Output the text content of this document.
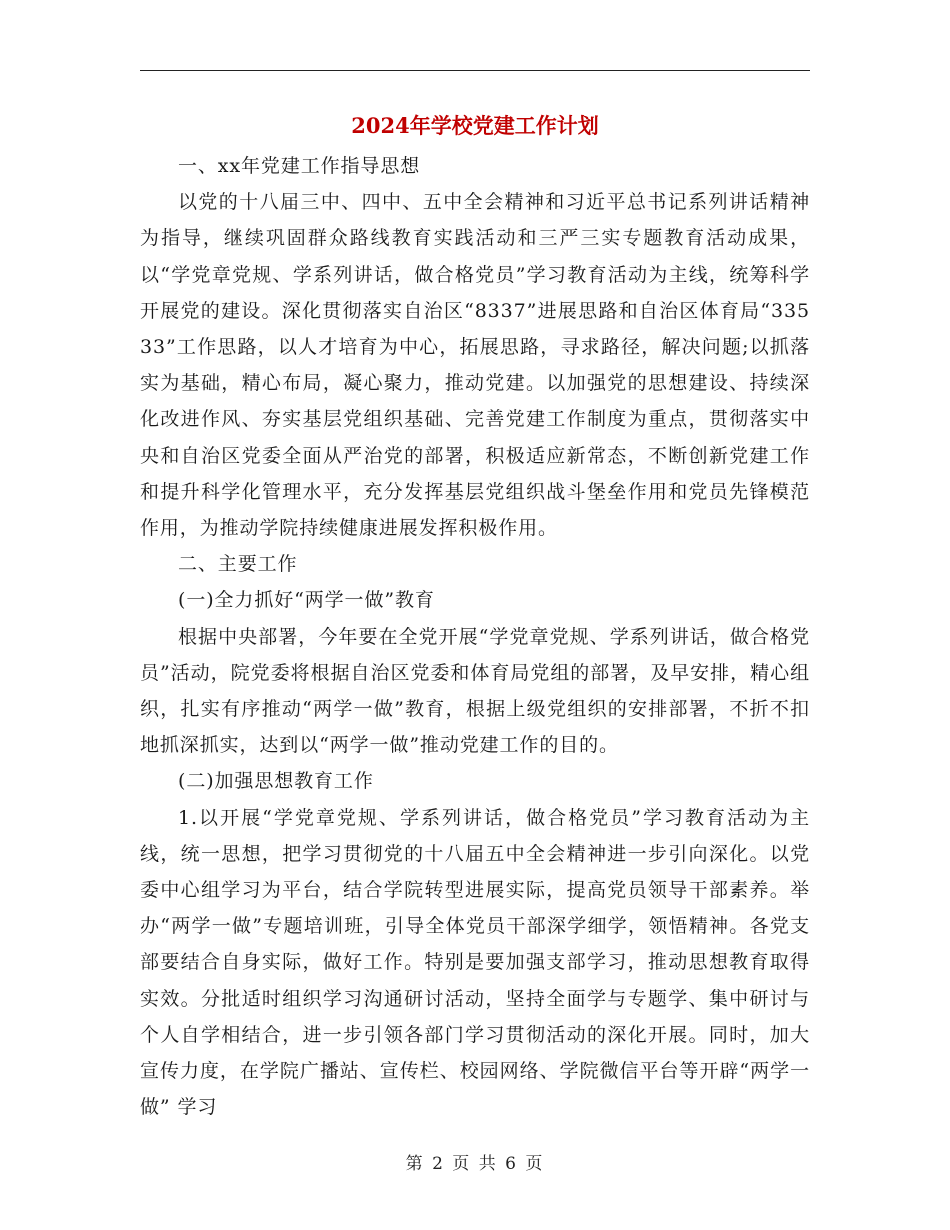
2024年学校党建工作计划

一、xx年党建工作指导思想

以党的十八届三中、四中、五中全会精神和习近平总书记系列讲话精神为指导，继续巩固群众路线教育实践活动和三严三实专题教育活动成果，以“学党章党规、学系列讲话，做合格党员”学习教育活动为主线，统筹科学开展党的建设。深化贯彻落实自治区“8337”进展思路和自治区体育局“33533”工作思路，以人才培育为中心，拓展思路，寻求路径，解决问题;以抓落实为基础，精心布局，凝心聚力，推动党建。以加强党的思想建设、持续深化改进作风、夯实基层党组织基础、完善党建工作制度为重点，贯彻落实中央和自治区党委全面从严治党的部署，积极适应新常态，不断创新党建工作和提升科学化管理水平，充分发挥基层党组织战斗堡垒作用和党员先锋模范作用，为推动学院持续健康进展发挥积极作用。

二、主要工作

(一)全力抓好“两学一做”教育

根据中央部署，今年要在全党开展“学党章党规、学系列讲话，做合格党员”活动，院党委将根据自治区党委和体育局党组的部署，及早安排，精心组织，扎实有序推动“两学一做”教育，根据上级党组织的安排部署，不折不扣地抓深抓实，达到以“两学一做”推动党建工作的目的。

(二)加强思想教育工作

1.以开展“学党章党规、学系列讲话，做合格党员”学习教育活动为主线，统一思想，把学习贯彻党的十八届五中全会精神进一步引向深化。以党委中心组学习为平台，结合学院转型进展实际，提高党员领导干部素养。举办“两学一做”专题培训班，引导全体党员干部深学细学，领悟精神。各党支部要结合自身实际，做好工作。特别是要加强支部学习，推动思想教育取得实效。分批适时组织学习沟通研讨活动，坚持全面学与专题学、集中研讨与个人自学相结合，进一步引领各部门学习贯彻活动的深化开展。同时，加大宣传力度，在学院广播站、宣传栏、校园网络、学院微信平台等开辟“两学一做” 学习

第 2 页 共 6 页
